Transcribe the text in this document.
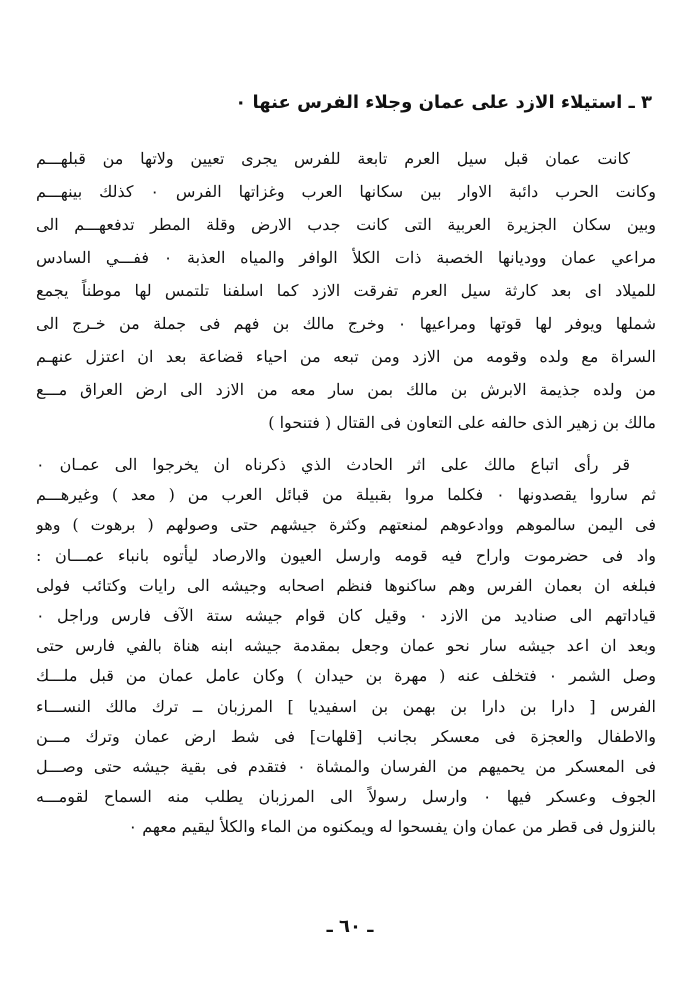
٣ ـ استيلاء الازد على عمان وجلاء الفرس عنها ٠
كانت عمان قبل سيل العرم تابعة للفرس يجرى تعيين ولاتها من قبلهـــم
وكانت الحرب دائبة الاوار بين سكانها العرب وغزاتها الفرس ٠ كذلك بينهـــم
وبين سكان الجزيرة العربية التى كانت جدب الارض وقلة المطر تدفعهـــم الى
مراعي عمان ووديانها الخصبة ذات الكلأ الوافر والمياه العذبة ٠ ففـــي السادس
للميلاد اى بعد كارثة سيل العرم تفرقت الازد كما اسلفنا تلتمس لها موطناً يجمع
شملها ويوفر لها قوتها ومراعيها ٠ وخرج مالك بن فهم فى جملة من خـرج الى
السراة مع ولده وقومه من الازد ومن تبعه من احياء قضاعة بعد ان اعتزل عنهـم
من ولده جذيمة الابرش بن مالك بمن سار معه من الازد الى ارض العراق مـــع
مالك بن زهير الذى حالفه على التعاون فى القتال ( فتنحوا )
قر رأى اتباع مالك على اثر الحادث الذي ذكرناه ان يخرجوا الى عمـان ٠
ثم ساروا يقصدونها ٠ فكلما مروا بقبيلة من قبائل العرب من ( معد ) وغيرهـــم
فى اليمن سالموهم ووادعوهم لمنعتهم وكثرة جيشهم حتى وصولهم ( برهوت ) وهو
واد فى حضرموت واراح فيه قومه وارسل العيون والارصاد ليأتوه بانباء عمـــان :
فبلغه ان بعمان الفرس وهم ساكنوها فنظم اصحابه وجيشه الى رايات وكتائب فولى
قياداتهم الى صناديد من الازد ٠ وقيل كان قوام جيشه ستة الآف فارس وراجل ٠
وبعد ان اعد جيشه سار نحو عمان وجعل بمقدمة جيشه ابنه هناة بالفي فارس حتى
وصل الشمر ٠ فتخلف عنه ( مهرة بن حيدان ) وكان عامل عمان من قبل ملـــك
الفرس [ دارا بن دارا بن بهمن بن اسفيديا ] المرزبان ــ ترك مالك النســـاء
والاطفال والعجزة فى معسكر بجانب [قلهات] فى شط ارض عمان وترك مـــن
فى المعسكر من يحميهم من الفرسان والمشاة ٠ فتقدم فى بقية جيشه حتى وصـــل
الجوف وعسكر فيها ٠ وارسل رسولاً الى المرزبان يطلب منه السماح لقومـــه
بالنزول فى قطر من عمان وان يفسحوا له ويمكنوه من الماء والكلأ ليقيم معهم ٠
ـ ٦٠ ـ
